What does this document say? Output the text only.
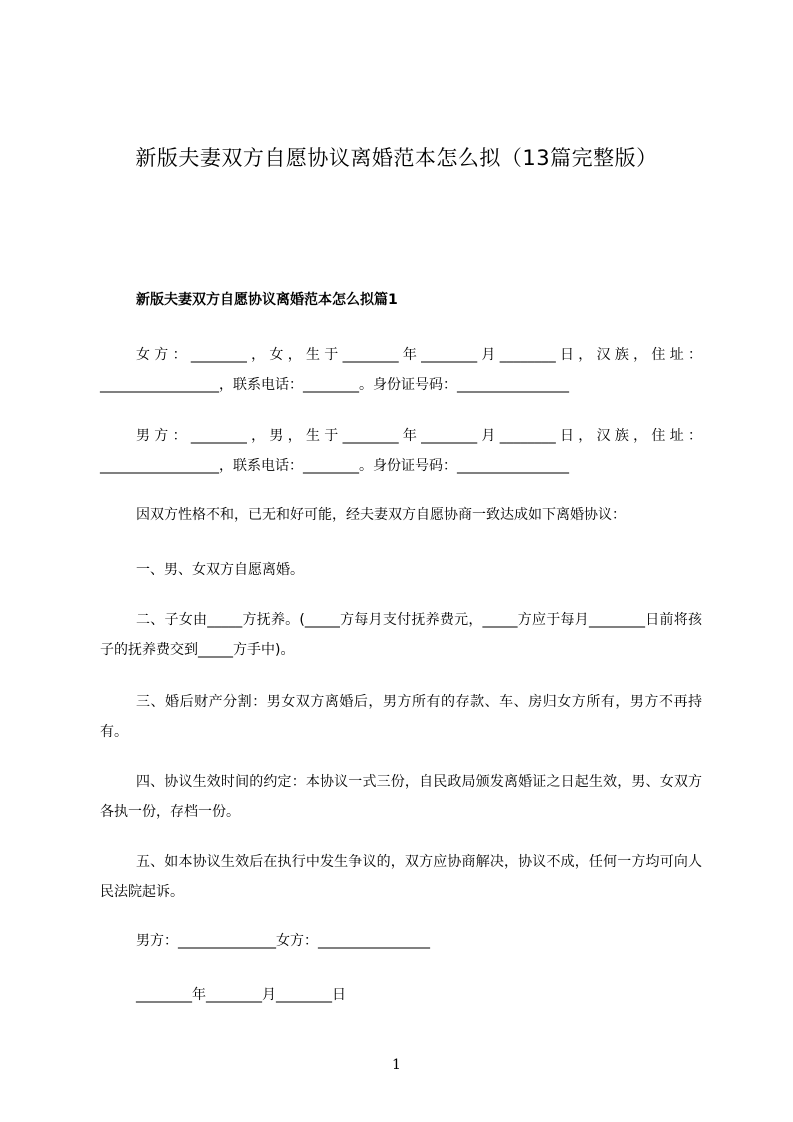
新版夫妻双方自愿协议离婚范本怎么拟（13篇完整版）
新版夫妻双方自愿协议离婚范本怎么拟篇1

女方：________，女，生于________年________月________日，汉族，住址：_________________，联系电话：________。身份证号码：________________

男方：________，男，生于________年________月________日，汉族，住址：_________________，联系电话：________。身份证号码：________________

因双方性格不和，已无和好可能，经夫妻双方自愿协商一致达成如下离婚协议：

一、男、女双方自愿离婚。

二、子女由_____方抚养。(_____方每月支付抚养费元，_____方应于每月________日前将孩子的抚养费交到_____方手中)。

三、婚后财产分割：男女双方离婚后，男方所有的存款、车、房归女方所有，男方不再持有。

四、协议生效时间的约定：本协议一式三份，自民政局颁发离婚证之日起生效，男、女双方各执一份，存档一份。

五、如本协议生效后在执行中发生争议的，双方应协商解决，协议不成，任何一方均可向人民法院起诉。

男方：______________女方：________________

________年________月________日

1
